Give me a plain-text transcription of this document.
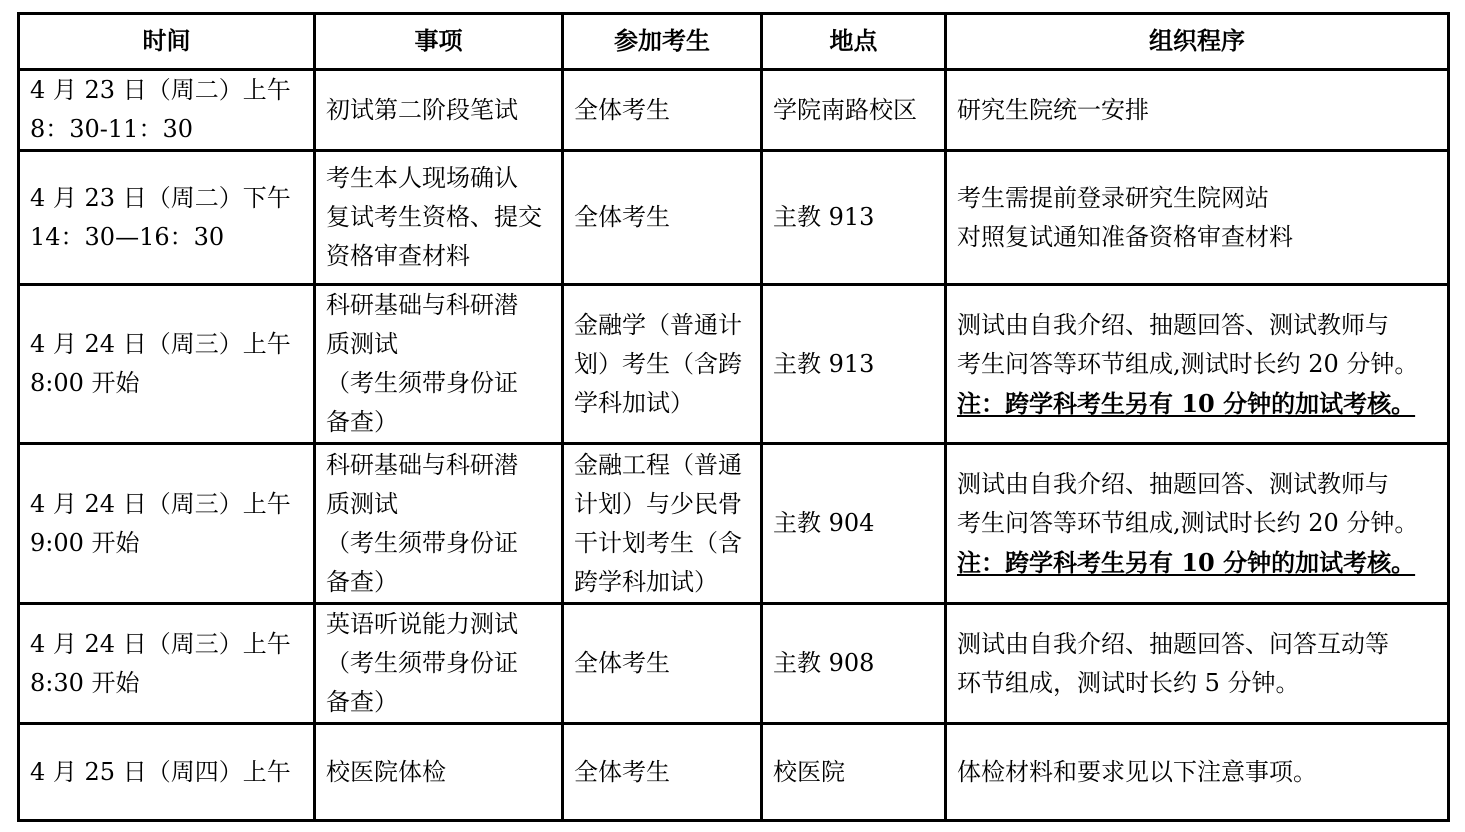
时间	事项	参加考生	地点	组织程序

4 月 23 日（周二）上午
8：30-11：30	初试第二阶段笔试	全体考生	学院南路校区	研究生院统一安排

4 月 23 日（周二）下午
14：30—16：30	考生本人现场确认
复试考生资格、提交
资格审查材料	全体考生	主教 913	考生需提前登录研究生院网站
对照复试通知准备资格审查材料

4 月 24 日（周三）上午
8:00 开始	科研基础与科研潜
质测试
（考生须带身份证
备查）	金融学（普通计
划）考生（含跨
学科加试）	主教 913	测试由自我介绍、抽题回答、测试教师与
考生问答等环节组成,测试时长约 20 分钟。
注：跨学科考生另有 10 分钟的加试考核。

4 月 24 日（周三）上午
9:00 开始	科研基础与科研潜
质测试
（考生须带身份证
备查）	金融工程（普通
计划）与少民骨
干计划考生（含
跨学科加试）	主教 904	测试由自我介绍、抽题回答、测试教师与
考生问答等环节组成,测试时长约 20 分钟。
注：跨学科考生另有 10 分钟的加试考核。

4 月 24 日（周三）上午
8:30 开始	英语听说能力测试
（考生须带身份证
备查）	全体考生	主教 908	测试由自我介绍、抽题回答、问答互动等
环节组成，测试时长约 5 分钟。

4 月 25 日（周四）上午	校医院体检	全体考生	校医院	体检材料和要求见以下注意事项。
